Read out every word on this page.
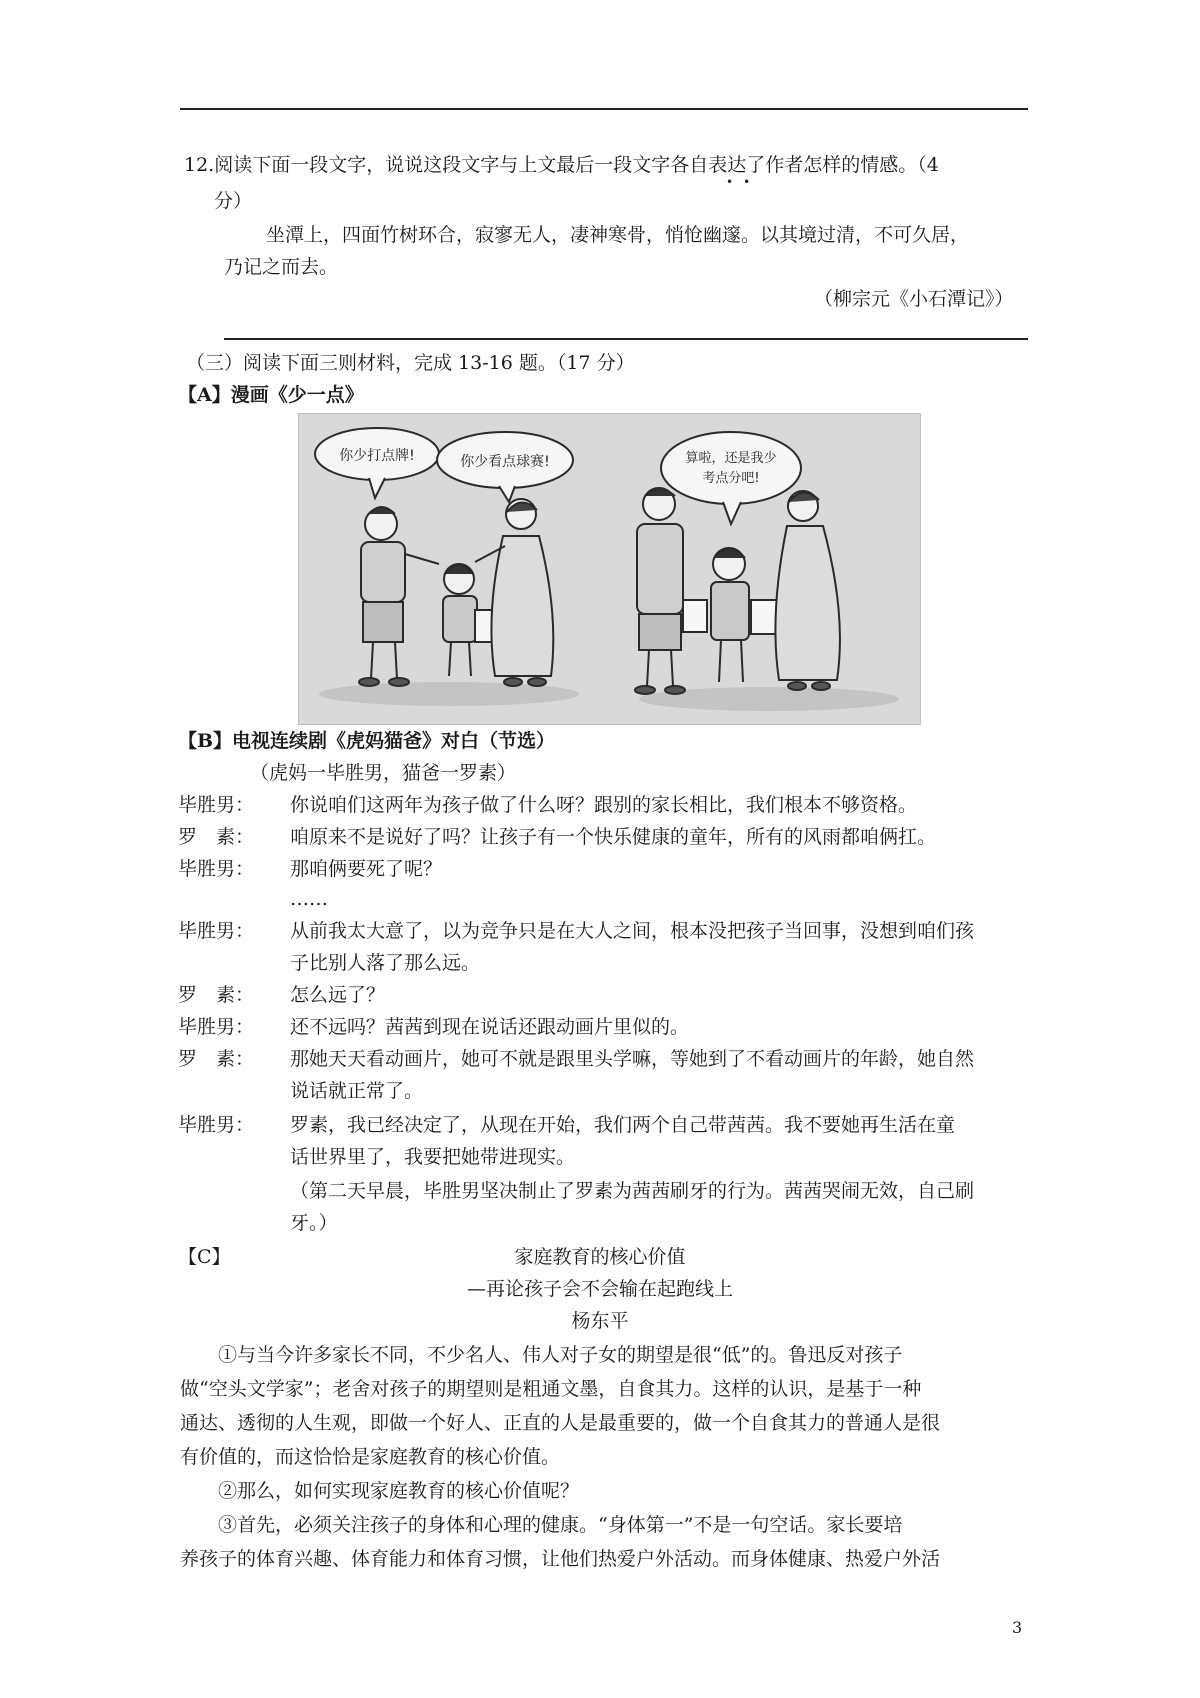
12.阅读下面一段文字，说说这段文字与上文最后一段文字各自表达了作者怎样的情感。（4
••
分）
坐潭上，四面竹树环合，寂寥无人，凄神寒骨，悄怆幽邃。以其境过清，不可久居，
乃记之而去。
（柳宗元《小石潭记》）
（三）阅读下面三则材料，完成 13-16 题。（17 分）
【A】漫画《少一点》
你少打点牌!	你少看点球赛!	算啦，还是我少
考点分吧!
【B】电视连续剧《虎妈猫爸》对白（节选）
（虎妈一毕胜男，猫爸一罗素）
毕胜男： 你说咱们这两年为孩子做了什么呀？跟别的家长相比，我们根本不够资格。
罗　素： 咱原来不是说好了吗？让孩子有一个快乐健康的童年，所有的风雨都咱俩扛。
毕胜男： 那咱俩要死了呢？
……
毕胜男： 从前我太大意了，以为竞争只是在大人之间，根本没把孩子当回事，没想到咱们孩
子比别人落了那么远。
罗　素： 怎么远了？
毕胜男： 还不远吗？茜茜到现在说话还跟动画片里似的。
罗　素： 那她天天看动画片，她可不就是跟里头学嘛，等她到了不看动画片的年龄，她自然
说话就正常了。
毕胜男： 罗素，我已经决定了，从现在开始，我们两个自己带茜茜。我不要她再生活在童
话世界里了，我要把她带进现实。
（第二天早晨，毕胜男坚决制止了罗素为茜茜刷牙的行为。茜茜哭闹无效，自己刷
牙。）
【C】	家庭教育的核心价值
—再论孩子会不会输在起跑线上
杨东平
①与当今许多家长不同，不少名人、伟人对子女的期望是很“低”的。鲁迅反对孩子
做“空头文学家”；老舍对孩子的期望则是粗通文墨，自食其力。这样的认识，是基于一种
通达、透彻的人生观，即做一个好人、正直的人是最重要的，做一个自食其力的普通人是很
有价值的，而这恰恰是家庭教育的核心价值。
②那么，如何实现家庭教育的核心价值呢？
③首先，必须关注孩子的身体和心理的健康。“身体第一”不是一句空话。家长要培
养孩子的体育兴趣、体育能力和体育习惯，让他们热爱户外活动。而身体健康、热爱户外活
3
